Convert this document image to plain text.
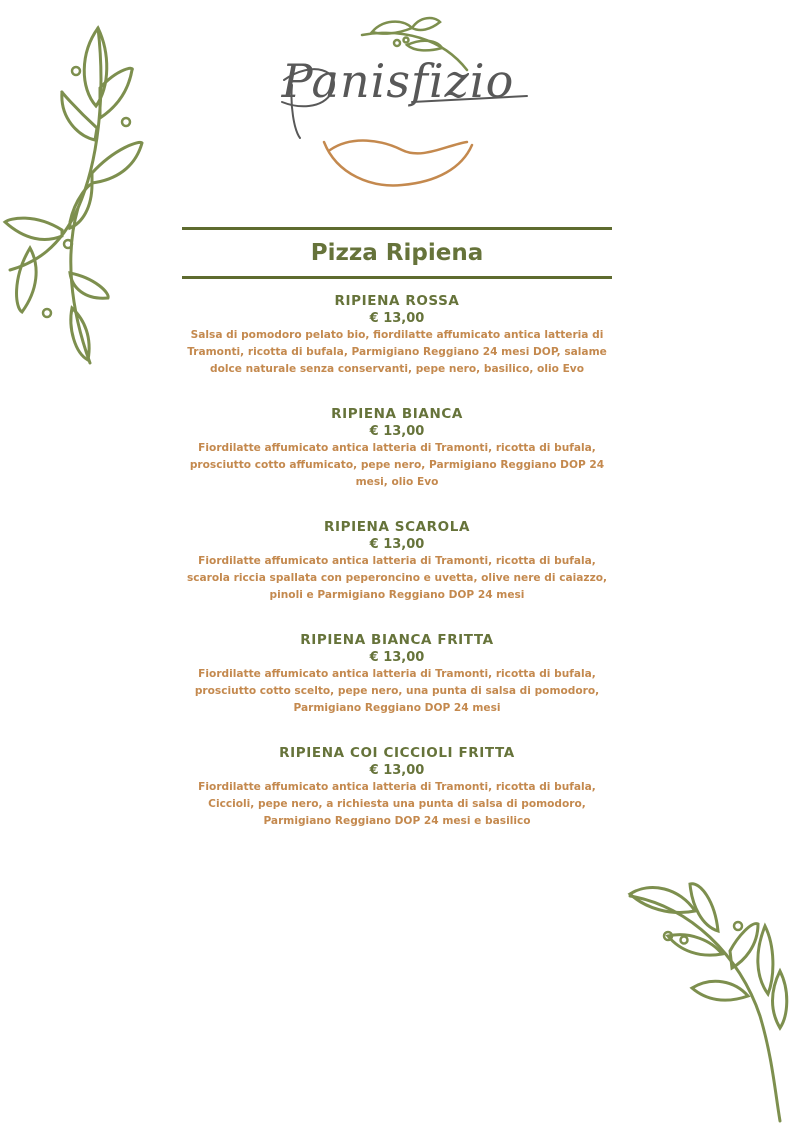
Panisfizio
Pizza Ripiena
RIPIENA ROSSA
€ 13,00
Salsa di pomodoro pelato bio, fiordilatte affumicato antica latteria di Tramonti, ricotta di bufala, Parmigiano Reggiano 24 mesi DOP, salame dolce naturale senza conservanti, pepe nero, basilico, olio Evo
RIPIENA BIANCA
€ 13,00
Fiordilatte affumicato antica latteria di Tramonti, ricotta di bufala, prosciutto cotto affumicato, pepe nero, Parmigiano Reggiano DOP 24 mesi, olio Evo
RIPIENA SCAROLA
€ 13,00
Fiordilatte affumicato antica latteria di Tramonti, ricotta di bufala, scarola riccia spallata con peperoncino e uvetta, olive nere di caiazzo, pinoli e Parmigiano Reggiano DOP 24 mesi
RIPIENA BIANCA FRITTA
€ 13,00
Fiordilatte affumicato antica latteria di Tramonti, ricotta di bufala, prosciutto cotto scelto, pepe nero, una punta di salsa di pomodoro, Parmigiano Reggiano DOP 24 mesi
RIPIENA COI CICCIOLI FRITTA
€ 13,00
Fiordilatte affumicato antica latteria di Tramonti, ricotta di bufala, Ciccioli, pepe nero, a richiesta una punta di salsa di pomodoro, Parmigiano Reggiano DOP 24 mesi e basilico
